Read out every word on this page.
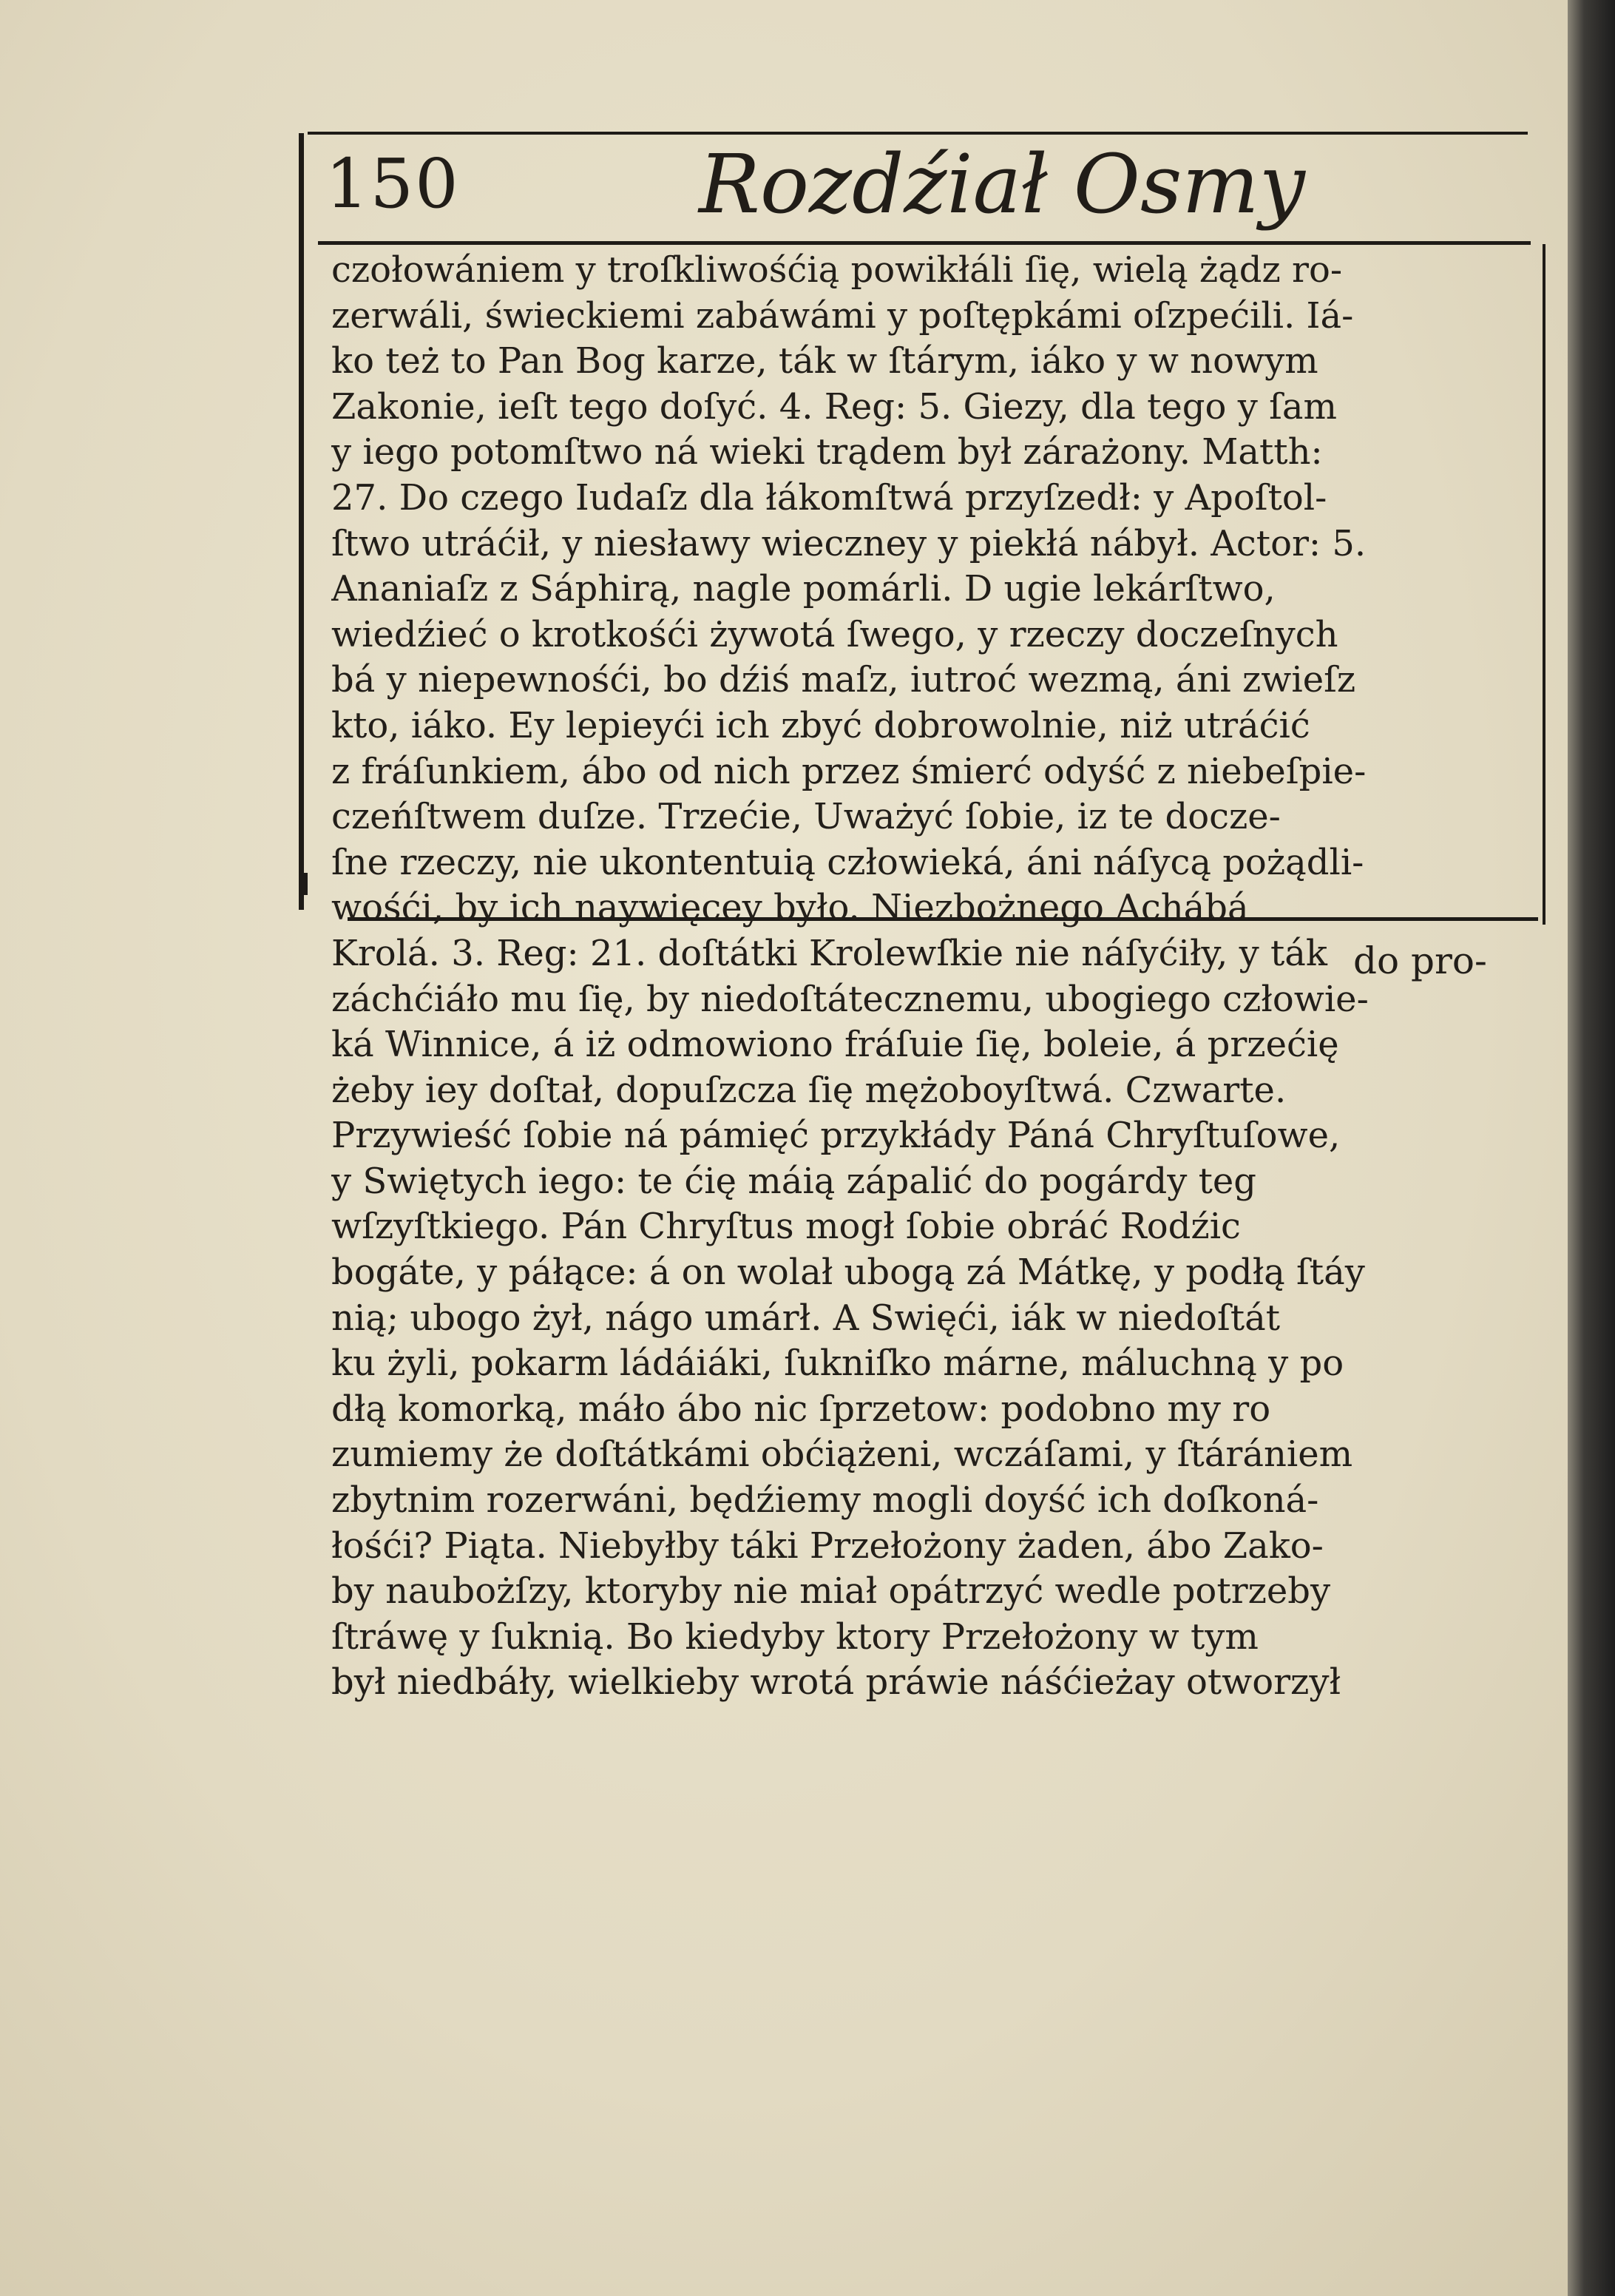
150	Rozdźiał Osmy
czołowániem y troſkliwośćią powikłáli ſię, wielą żądz ro-
zerwáli, świeckiemi zabáwámi y poſtępkámi oſzpećili. Iá-
ko też to Pan Bog karze, ták w ſtárym, iáko y w nowym
Zakonie, ieſt tego doſyć. 4. Reg: 5. Giezy, dla tego y ſam
y iego potomſtwo ná wieki trądem był zárażony. Matth:
27. Do czego Iudaſz dla łákomſtwá przyſzedł: y Apoſtol-
ſtwo utráćił, y niesławy wieczney y piekłá nábył. Actor: 5.
Ananiaſz z Sáphirą, nagle pomárli. D ugie lekárſtwo,
wiedźieć o krotkośći żywotá ſwego, y rzeczy doczeſnych
bá y niepewnośći, bo dźiś maſz, iutroć wezmą, áni zwieſz
kto, iáko. Ey lepieyći ich zbyć dobrowolnie, niż utráćić
z fráſunkiem, ábo od nich przez śmierć odyść z niebeſpie-
czeńſtwem duſze. Trzećie, Uważyć ſobie, iz te docze-
ſne rzeczy, nie ukontentuią człowieká, áni náſycą pożądli-
wośći, by ich naywięcey było. Niezbożnego Achábá
Krolá. 3. Reg: 21. doſtátki Krolewſkie nie náſyćiły, y ták
záchćiáło mu ſię, by niedoſtátecznemu, ubogiego człowie-
ká Winnice, á iż odmowiono fráſuie ſię, boleie, á przećię
żeby iey doſtał, dopuſzcza ſię mężoboyſtwá. Czwarte.
Przywieść ſobie ná pámięć przykłády Páná Chryſtuſowe,
y Swiętych iego: te ćię máią zápalić do pogárdy teg
wſzyſtkiego. Pán Chryſtus mogł ſobie obráć Rodźic
bogáte, y páłące: á on wolał ubogą zá Mátkę, y podłą ſtáy
nią; ubogo żył, nágo umárł. A Swięći, iák w niedoſtát
ku żyli, pokarm ládáiáki, ſukniſko márne, máluchną y po
dłą komorką, máło ábo nic ſprzetow: podobno my ro
zumiemy że doſtátkámi obćiążeni, wczáſami, y ſtárániem
zbytnim rozerwáni, będźiemy mogli doyść ich doſkoná-
łośći? Piąta. Niebyłby táki Przełożony żaden, ábo Zako-
by naubożſzy, ktoryby nie miał opátrzyć wedle potrzeby
ſtráwę y ſuknią. Bo kiedyby ktory Przełożony w tym
był niedbáły, wielkieby wrotá práwie náśćieżay otworzył
do pro-
